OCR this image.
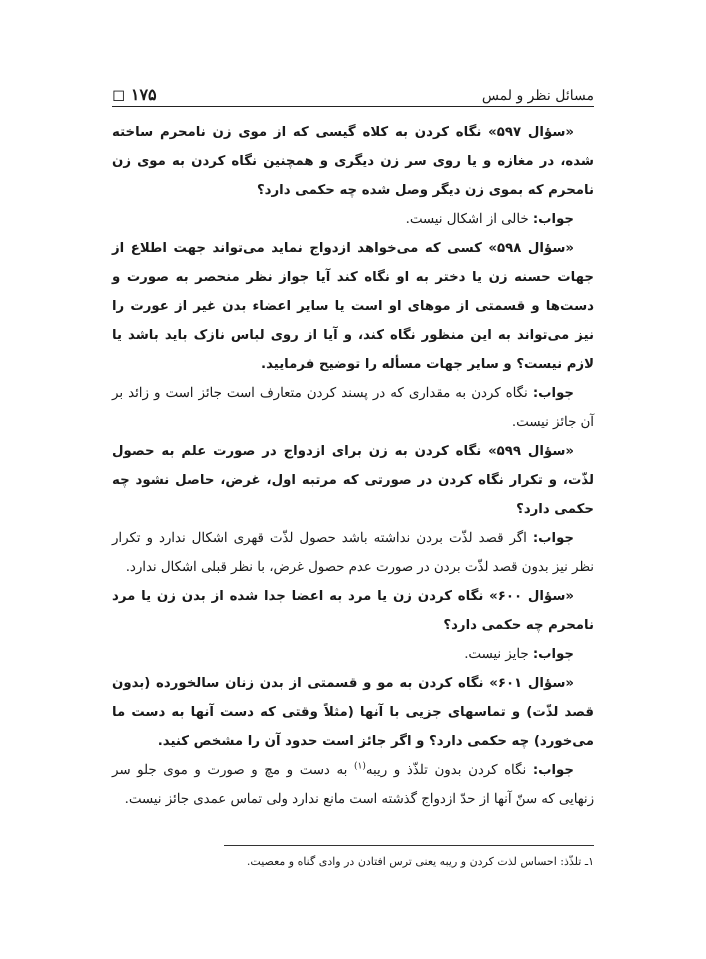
مسائل نظر و لمس
◻ ۱۷۵

«سؤال ۵۹۷» نگاه کردن به کلاه گیسی که از موی زن نامحرم ساخته شده، در مغازه و یا روی سر زن دیگری و همچنین نگاه کردن به موی زن نامحرم که بموی زن دیگر وصل شده چه حکمی دارد؟

جواب: خالی از اشکال نیست.

«سؤال ۵۹۸» کسی که می‌خواهد ازدواج نماید می‌تواند جهت اطلاع از جهات حسنه زن یا دختر به او نگاه کند آیا جواز نظر منحصر به صورت و دست‌ها و قسمتی از موهای او است یا سایر اعضاء بدن غیر از عورت را نیز می‌تواند به این منظور نگاه کند، و آیا از روی لباس نازک باید باشد یا لازم نیست؟ و سایر جهات مسأله را توضیح فرمایید.

جواب: نگاه کردن به مقداری که در پسند کردن متعارف است جائز است و زائد بر آن جائز نیست.

«سؤال ۵۹۹» نگاه کردن به زن برای ازدواج در صورت علم به حصول لذّت، و تکرار نگاه کردن در صورتی که مرتبه اول، غرض، حاصل نشود چه حکمی دارد؟

جواب: اگر قصد لذّت بردن نداشته باشد حصول لذّت قهری اشکال ندارد و تکرار نظر نیز بدون قصد لذّت بردن در صورت عدم حصول غرض، با نظر قبلی اشکال ندارد.

«سؤال ۶۰۰» نگاه کردن زن یا مرد به اعضا جدا شده از بدن زن یا مرد نامحرم چه حکمی دارد؟

جواب: جایز نیست.

«سؤال ۶۰۱» نگاه کردن به مو و قسمتی از بدن زنان سالخورده (بدون قصد لذّت) و تماسهای جزیی با آنها (مثلاً وقتی که دست آنها به دست ما می‌خورد) چه حکمی دارد؟ و اگر جائز است حدود آن را مشخص کنید.

جواب: نگاه کردن بدون تلذّذ و ریبه$^{(۱)}$ به دست و مچ و صورت و موی جلو سر زنهایی که سنّ آنها از حدّ ازدواج گذشته است مانع ندارد ولی تماس عمدی جائز نیست.

۱ـ تلذّذ: احساس لذت کردن و ریبه یعنی ترس افتادن در وادی گناه و معصیت.
